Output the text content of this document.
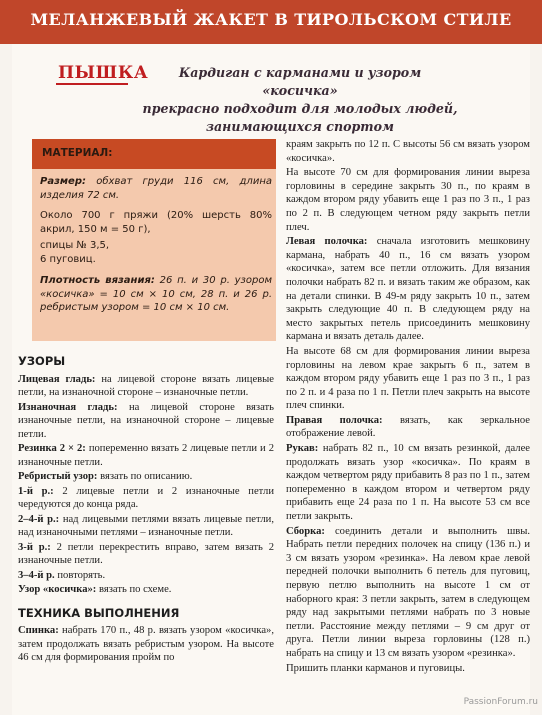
МЕЛАНЖЕВЫЙ ЖАКЕТ В ТИРОЛЬСКОМ СТИЛЕ
ПЫШКА	Кардиган с карманами и узором «косичка»
прекрасно подходит для молодых людей,
занимающихся спортом
МАТЕРИАЛ:

Размер: обхват груди 116 см, длина изделия 72 см.

Около 700 г пряжи (20% шерсть 80% акрил, 150 м = 50 г),

спицы № 3,5,

6 пуговиц.

Плотность вязания: 26 п. и 30 р. узором «косичка» = 10 см × 10 см, 28 п. и 26 р. ребристым узором = 10 см × 10 см.

УЗОРЫ

Лицевая гладь: на лицевой стороне вязать лицевые петли, на изнаночной стороне – изнаночные петли.

Изнаночная гладь: на лицевой стороне вязать изнаночные петли, на изнаночной стороне – лицевые петли.

Резинка 2 × 2: попеременно вязать 2 лицевые петли и 2 изнаночные петли.

Ребристый узор: вязать по описанию.

1-й р.: 2 лицевые петли и 2 изнаночные петли чередуются до конца ряда.

2–4-й р.: над лицевыми петлями вязать лицевые петли, над изнаночными петлями – изнаночные петли.

3-й р.: 2 петли перекрестить вправо, затем вязать 2 изнаночные петли.

3–4-й р. повторять.

Узор «косичка»: вязать по схеме.

ТЕХНИКА ВЫПОЛНЕНИЯ

Спинка: набрать 170 п., 48 р. вязать узором «косичка», затем продолжать вязать ребристым узором. На высоте 46 см для формирования пройм по

краям закрыть по 12 п. С высоты 56 см вязать узором «косичка».

На высоте 70 см для формирования линии выреза горловины в середине закрыть 30 п., по краям в каждом втором ряду убавить еще 1 раз по 3 п., 1 раз по 2 п. В следующем четном ряду закрыть петли плеч.

Левая полочка: сначала изготовить мешковину кармана, набрать 40 п., 16 см вязать узором «косичка», затем все петли отложить. Для вязания полочки набрать 82 п. и вязать таким же образом, как на детали спинки. В 49-м ряду закрыть 10 п., затем закрыть следующие 40 п. В следующем ряду на место закрытых петель присоединить мешковину кармана и вязать деталь далее.

На высоте 68 см для формирования линии выреза горловины на левом крае закрыть 6 п., затем в каждом втором ряду убавить еще 1 раз по 3 п., 1 раз по 2 п. и 4 раза по 1 п. Петли плеч закрыть на высоте плеч спинки.

Правая полочка: вязать, как зеркальное отображение левой.

Рукав: набрать 82 п., 10 см вязать резинкой, далее продолжать вязать узор «косичка». По краям в каждом четвертом ряду прибавить 8 раз по 1 п., затем попеременно в каждом втором и четвертом ряду прибавить еще 24 раза по 1 п. На высоте 53 см все петли закрыть.

Сборка: соединить детали и выполнить швы. Набрать петли передних полочек на спицу (136 п.) и 3 см вязать узором «резинка». На левом крае левой передней полочки выполнить 6 петель для пуговиц, первую петлю выполнить на высоте 1 см от наборного края: 3 петли закрыть, затем в следующем ряду над закрытыми петлями набрать по 3 новые петли. Расстояние между петлями – 9 см друг от друга. Петли линии выреза горловины (128 п.) набрать на спицу и 13 см вязать узором «резинка».

Пришить планки карманов и пуговицы.

PassionForum.ru
